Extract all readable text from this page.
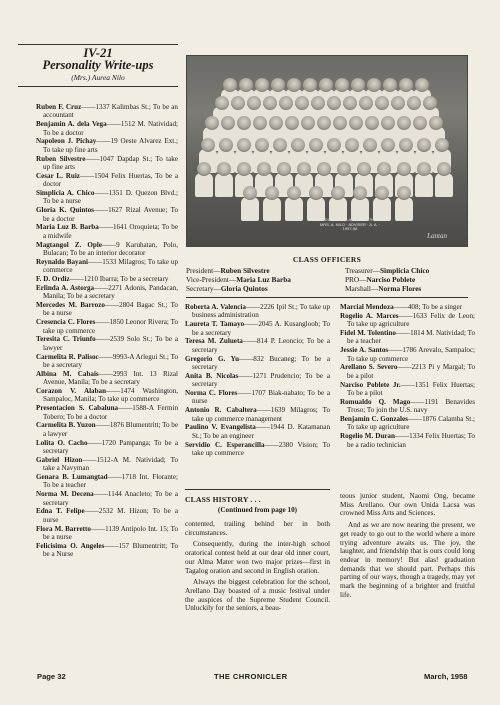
IV-21
Personality Write-ups
(Mrs.) Aurea Nilo
Ruben F. Cruz——1337 Kalimbas St.; To be an accountant
Benjamin A. dela Vega——1512 M. Natividad; To be a doctor
Napoleon J. Pichay——19 Oeste Alvarez Ext.; To take up fine arts
Ruben Silvestre——1047 Dapdap St.; To take up fine arts
Cesar L. Ruiz——1504 Felix Huertas, To be a doctor
Simplicia A. Chico——1351 D. Quezon Blvd.; To be a nurse
Gloria K. Quintos——1627 Rizal Avenue; To be a doctor
Maria Luz B. Barba——1641 Oroquieta; To be a midwife
Magtangol Z. Ople——9 Karuhatan, Polo, Bulacan; To be an interior decorator
Reynaldo Bayani——1533 Milagros; To take up commerce
F. D. Ordiz——1210 Ibarra; To be a secretary
Erlinda A. Astorga——2271 Adonis, Pandacan, Manila; To be a secretary
Mercedes M. Barrozo——2804 Bagac St.; To be a nurse
Cresencia C. Flores——1850 Leonor Rivera; To take up commerce
Teresita C. Triunfo——2539 Solo St.; To be a lawyer
Carmelita R. Palisoc——9993-A Arlegui St.; To be a secretary
Albina M. Cabais——2993 Int. 13 Rizal Avenue, Manila; To be a secretary
Corazon V. Alaban——1474 Washington, Sampaloc, Manila; To take up commerce
Presentacion S. Cabaluna——1588-A Fermin Tobero; To be a doctor
Carmelita B. Yuzon——1876 Blumentritt; To be a lawyer
Lolita O. Cacho——1720 Pampanga; To be a secretary
Gabriel Hizon——1512-A M. Natividad; To take a Navyman
Genara B. Lumangtad——1718 Int. Florante; To be a teacher
Norma M. Decena——1144 Anacleto; To be a secretary
Edna T. Felipe——2532 M. Hizon; To be a nurse
Flora M. Barretto——1139 Antipolo Int. 15; To be a nurse
Felicisima O. Angeles——157 Blumentritt; To be a Nurse
GRADUATING CLASS—SECTION 21 MRS. A. NILO · ADVISER · A. A. · 1957-58
Lantan
CLASS OFFICERS
President—Ruben Silvestre
Vice-President—Maria Luz Barba
Secretary—Gloria Quintos
Treasurer—Simplicia Chico
PRO—Narciso Poblete
Marshall—Norma Flores
Roberta A. Valencia——2226 Ipil St.; To take up business administration
Laureta T. Tamayo——2045 A. Kusangloob; To be a secretary
Teresa M. Zulueta——814 P. Leoncio; To be a secretary
Gregorio G. Yu——832 Bucaneg; To be a secretary
Anita B. Nicolas——1271 Prudencio; To be a secretary
Norma C. Flores——1707 Biak-nabato; To be a nurse
Antonio R. Cabaltera——1639 Milagros; To take up commerce management
Paulino V. Evangelista——1944 D. Katamanan St.; To be an engineer
Servidio C. Esperancilla——2380 Vision; To take up commerce
Marcial Mendoza——408; To be a singer
Rogelio A. Marces——1633 Felix de Leon; To take up agriculture
Fidel M. Tolentino——1814 M. Natividad; To be a teacher
Jessie A. Santos——1786 Arevalo, Sampaloc; To take up commerce
Arellano S. Severo——2213 Pi y Margal; To be a pilot
Narciso Poblete Jr.——1351 Felix Huertas; To be a pilot
Romualdo Q. Mago——1191 Benavides Troso; To join the U.S. navy
Benjamin C. Gonzales——1876 Calamba St.; To take up agriculture
Rogelio M. Duran——1334 Felix Huertas; To be a radio technician
CLASS HISTORY . . .
(Continued from page 10)

contented, trailing behind her in both circumstances.

Consequently, during the inter-high school oratorical contest held at our dear old inner court, our Alma Mater won two major prizes—first in Tagalog oration and second in English oration.

Always the biggest celebration for the school, Arellano Day boasted of a music festival under the auspices of the Supreme Student Council. Unluckily for the seniors, a beau-

teous junior student, Naomi Ong, became Miss Arellano. Our own Unida Lacsa was crowned Miss Arts and Sciences.

And as we are now nearing the present, we get ready to go out to the world where a more trying adventure awaits us. The joy, the laughter, and friendship that is ours could long endear in memory! But alas! graduation demands that we should part. Perhaps this parting of our ways, though a tragedy, may yet mark the beginning of a brighter and fruitful life.

Page 32	THE CHRONICLER	March, 1958
